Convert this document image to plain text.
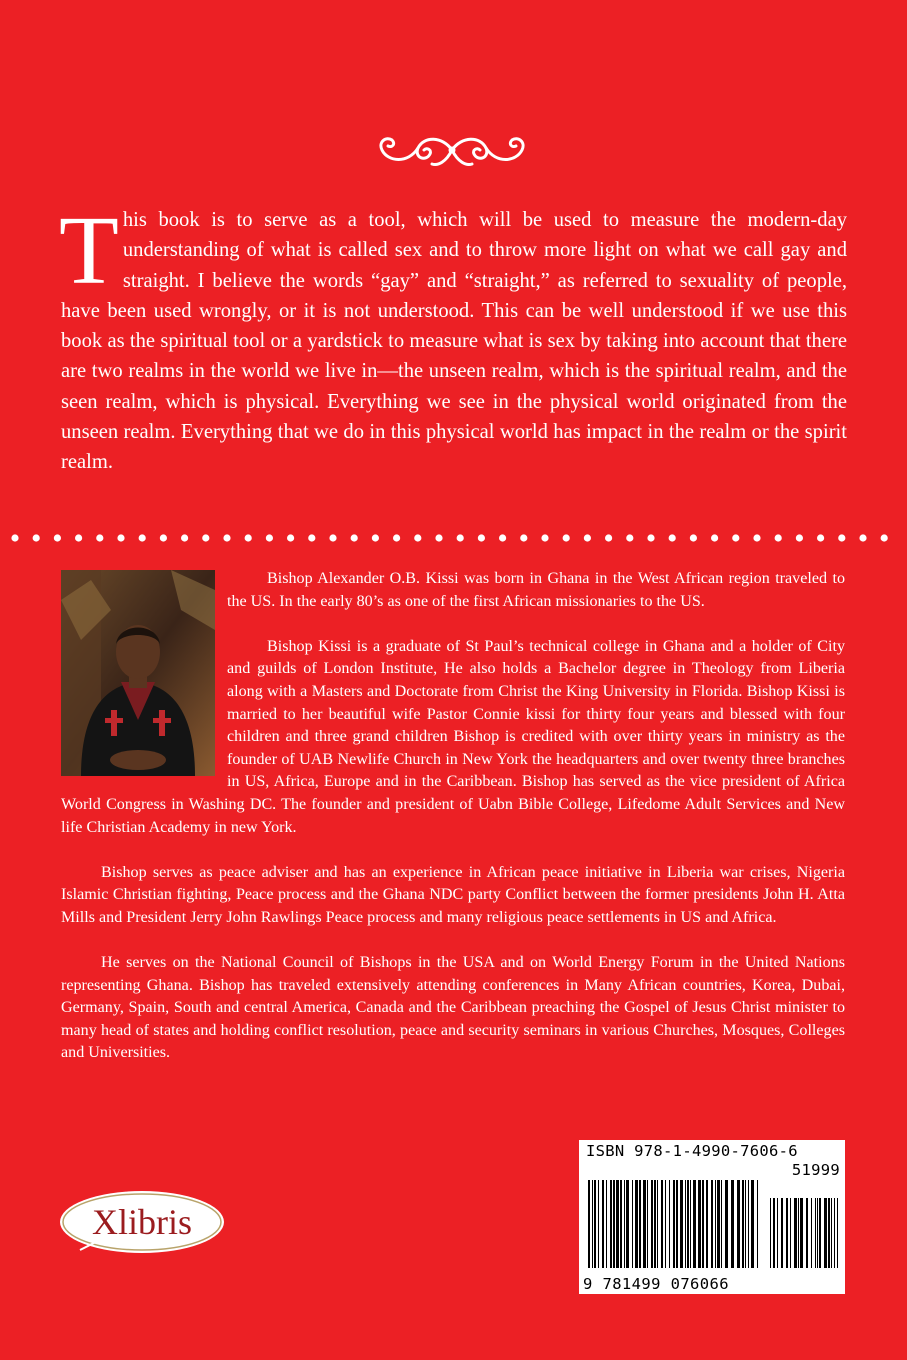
This book is to serve as a tool, which will be used to measure the modern-day understanding of what is called sex and to throw more light on what we call gay and straight. I believe the words “gay” and “straight,” as referred to sexuality of people, have been used wrongly, or it is not understood. This can be well understood if we use this book as the spiritual tool or a yardstick to measure what is sex by taking into account that there are two realms in the world we live in—the unseen realm, which is the spiritual realm, and the seen realm, which is physical. Everything we see in the physical world originated from the unseen realm. Everything that we do in this physical world has impact in the realm or the spirit realm.

Bishop Alexander O.B. Kissi was born in Ghana in the West African region traveled to the US. In the early 80’s as one of the first African missionaries to the US.

Bishop Kissi is a graduate of St Paul’s technical college in Ghana and a holder of City and guilds of London Institute, He also holds a Bachelor degree in Theology from Liberia along with a Masters and Doctorate from Christ the King University in Florida. Bishop Kissi is married to her beautiful wife Pastor Connie kissi for thirty four years and blessed with four children and three grand children Bishop is credited with over thirty years in ministry as the founder of UAB Newlife Church in New York the headquarters and over twenty three branches in US, Africa, Europe and in the Caribbean. Bishop has served as the vice president of Africa World Congress in Washing DC. The founder and president of Uabn Bible College, Lifedome Adult Services and New life Christian Academy in new York.

Bishop serves as peace adviser and has an experience in African peace initiative in Liberia war crises, Nigeria Islamic Christian fighting, Peace process and the Ghana NDC party Conflict between the former presidents John H. Atta Mills and President Jerry John Rawlings Peace process and many religious peace settlements in US and Africa.

He serves on the National Council of Bishops in the USA and on World Energy Forum in the United Nations representing Ghana. Bishop has traveled extensively attending conferences in Many African countries, Korea, Dubai, Germany, Spain, South and central America, Canada and the Caribbean preaching the Gospel of Jesus Christ minister to many head of states and holding conflict resolution, peace and security seminars in various Churches, Mosques, Colleges and Universities.

Xlibris
ISBN 978-1-4990-7606-6
51999
9 781499 076066
